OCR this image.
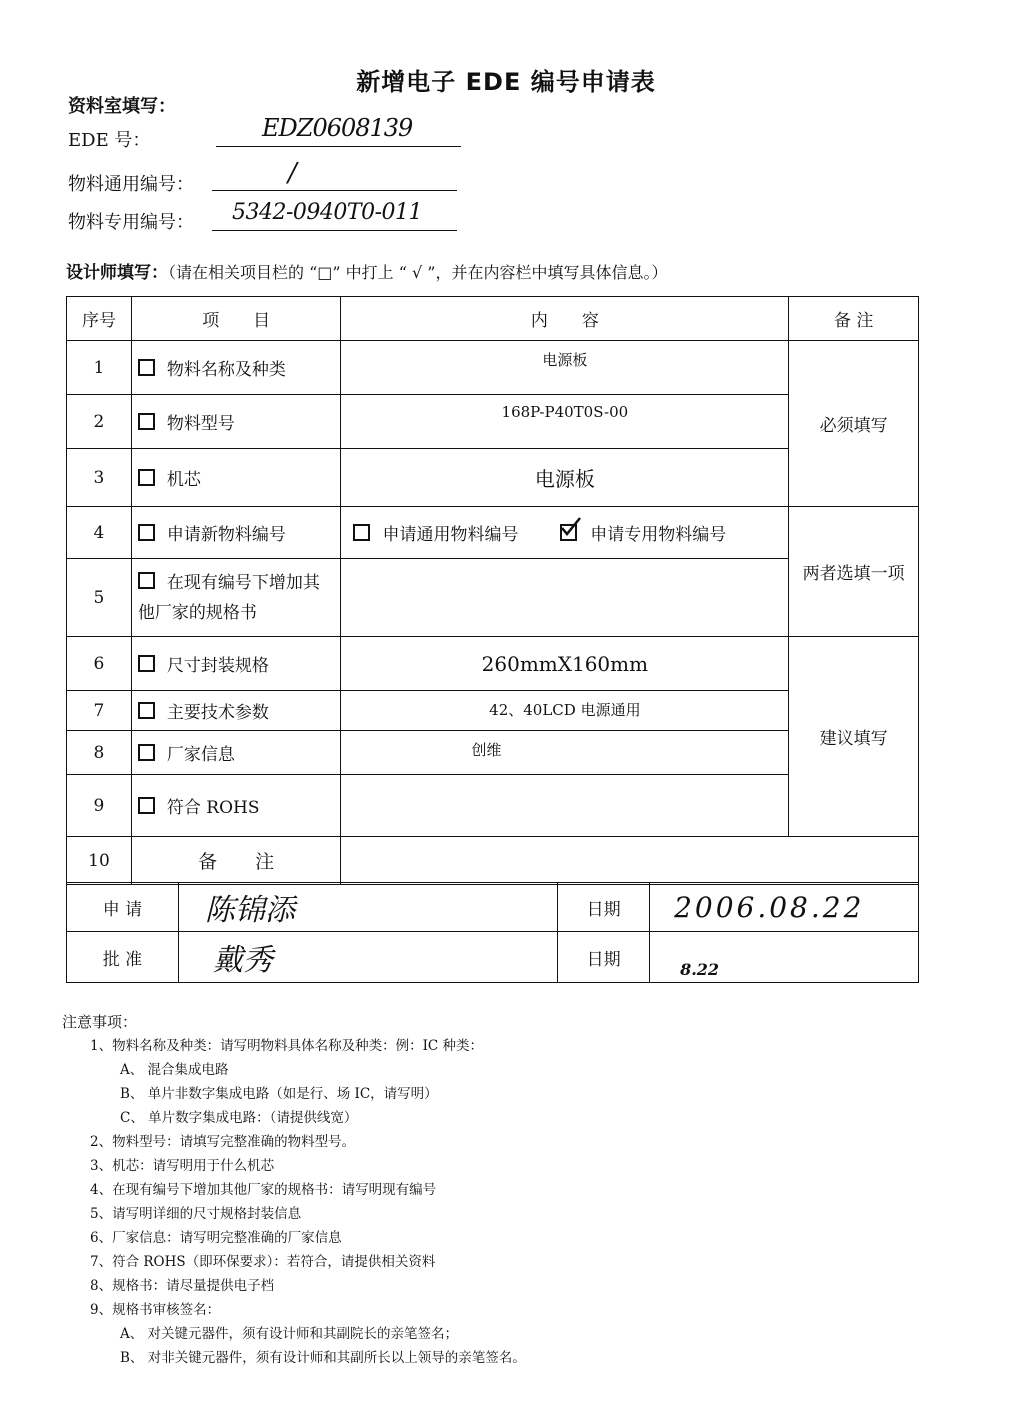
新增电子 EDE 编号申请表
资料室填写：
EDE 号：	EDZ0608139
物料通用编号：	/
物料专用编号： 5342-0940T0-011
设计师填写：（请在相关项目栏的 “□” 中打上 “ √ ”，并在内容栏中填写具体信息。）
序号	项　　目	内　　容	备 注
1	物料名称及种类	电源板	必须填写
2	物料型号	168P-P40T0S-00	
3	机芯	电源板	
4	申请新物料编号	申请通用物料编号 申请专用物料编号	两者选填一项
5	在现有编号下增加其
他厂家的规格书		
6	尺寸封装规格	260mmX160mm	建议填写
7	主要技术参数	42、40LCD 电源通用	
8	厂家信息	创维	
9	符合 ROHS		
10	备　　注		
申 请	陈锦添	日期	2006.08.22
批 准	戴秀	日期	8.22
注意事项：
1、物料名称及种类：请写明物料具体名称及种类：例：IC 种类：
A、 混合集成电路
B、 单片非数字集成电路（如是行、场 IC，请写明）
C、 单片数字集成电路：（请提供线宽）
2、物料型号：请填写完整准确的物料型号。
3、机芯：请写明用于什么机芯
4、在现有编号下增加其他厂家的规格书：请写明现有编号
5、请写明详细的尺寸规格封装信息
6、厂家信息：请写明完整准确的厂家信息
7、符合 ROHS（即环保要求）：若符合，请提供相关资料
8、规格书：请尽量提供电子档
9、规格书审核签名：
A、 对关键元器件，须有设计师和其副院长的亲笔签名；
B、 对非关键元器件，须有设计师和其副所长以上领导的亲笔签名。
